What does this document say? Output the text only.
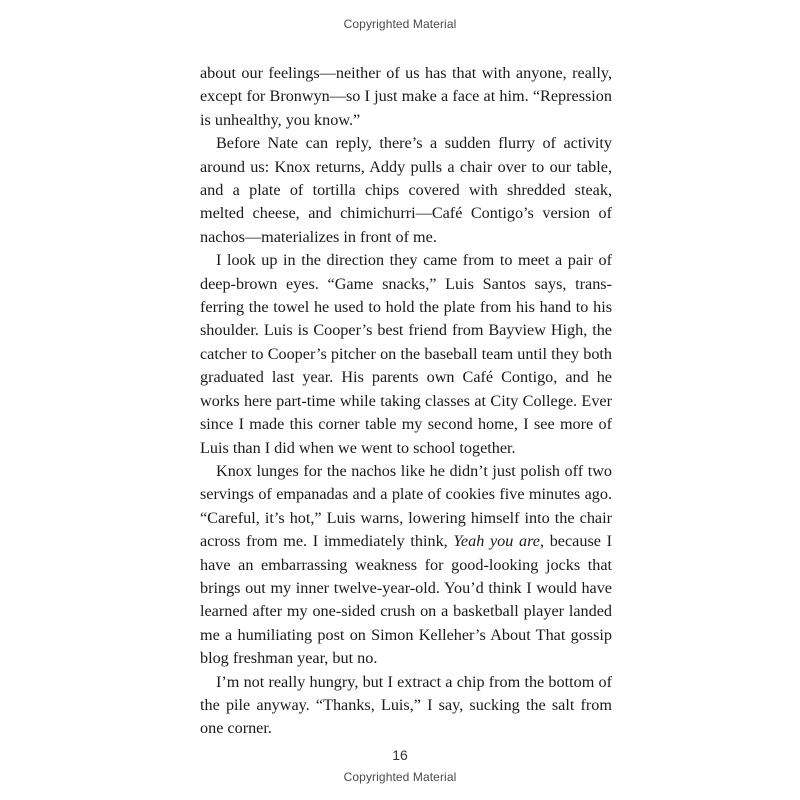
Copyrighted Material

about our feelings—neither of us has that with anyone, really, except for Bronwyn—so I just make a face at him. “Repression is unhealthy, you know.”

Before Nate can reply, there’s a sudden flurry of activity around us: Knox returns, Addy pulls a chair over to our table, and a plate of tortilla chips covered with shredded steak, melted cheese, and chimichurri—Café Contigo’s version of nachos—materializes in front of me.

I look up in the direction they came from to meet a pair of deep-brown eyes. “Game snacks,” Luis Santos says, transferring the towel he used to hold the plate from his hand to his shoulder. Luis is Cooper’s best friend from Bayview High, the catcher to Cooper’s pitcher on the baseball team until they both graduated last year. His parents own Café Contigo, and he works here part-time while taking classes at City College. Ever since I made this corner table my second home, I see more of Luis than I did when we went to school together.

Knox lunges for the nachos like he didn’t just polish off two servings of empanadas and a plate of cookies five minutes ago. “Careful, it’s hot,” Luis warns, lowering himself into the chair across from me. I immediately think, Yeah you are, because I have an embarrassing weakness for good-looking jocks that brings out my inner twelve-year-old. You’d think I would have learned after my one-sided crush on a basketball player landed me a humiliating post on Simon Kelleher’s About That gossip blog freshman year, but no.

I’m not really hungry, but I extract a chip from the bottom of the pile anyway. “Thanks, Luis,” I say, sucking the salt from one corner.

16
Copyrighted Material
